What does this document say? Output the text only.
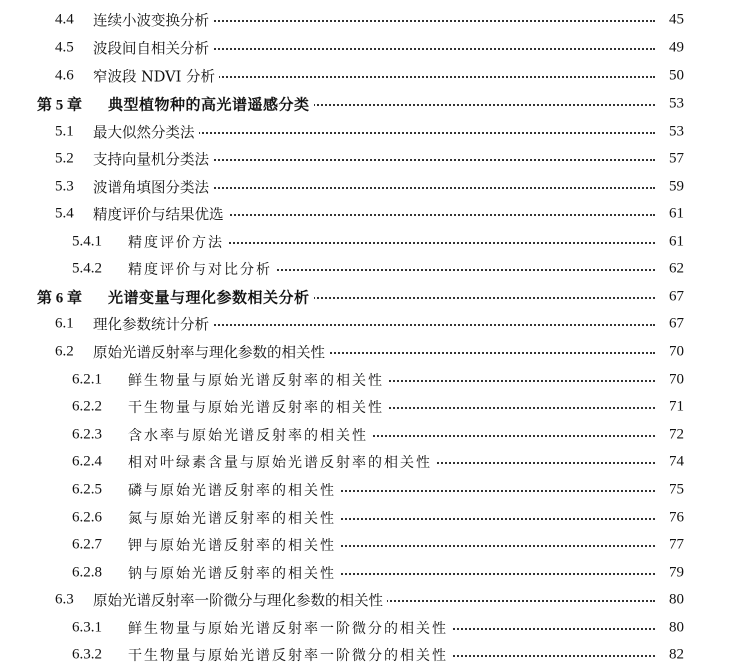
4.4 连续小波变换分析	45
4.5 波段间自相关分析	49
4.6 窄波段 NDVI 分析	50
第 5 章 典型植物种的高光谱遥感分类	53
5.1 最大似然分类法	53
5.2 支持向量机分类法	57
5.3 波谱角填图分类法	59
5.4 精度评价与结果优选	61
5.4.1 精度评价方法	61
5.4.2 精度评价与对比分析	62
第 6 章 光谱变量与理化参数相关分析	67
6.1 理化参数统计分析	67
6.2 原始光谱反射率与理化参数的相关性	70
6.2.1 鲜生物量与原始光谱反射率的相关性	70
6.2.2 干生物量与原始光谱反射率的相关性	71
6.2.3 含水率与原始光谱反射率的相关性	72
6.2.4 相对叶绿素含量与原始光谱反射率的相关性	74
6.2.5 磷与原始光谱反射率的相关性	75
6.2.6 氮与原始光谱反射率的相关性	76
6.2.7 钾与原始光谱反射率的相关性	77
6.2.8 钠与原始光谱反射率的相关性	79
6.3 原始光谱反射率一阶微分与理化参数的相关性	80
6.3.1 鲜生物量与原始光谱反射率一阶微分的相关性	80
6.3.2 干生物量与原始光谱反射率一阶微分的相关性	82
